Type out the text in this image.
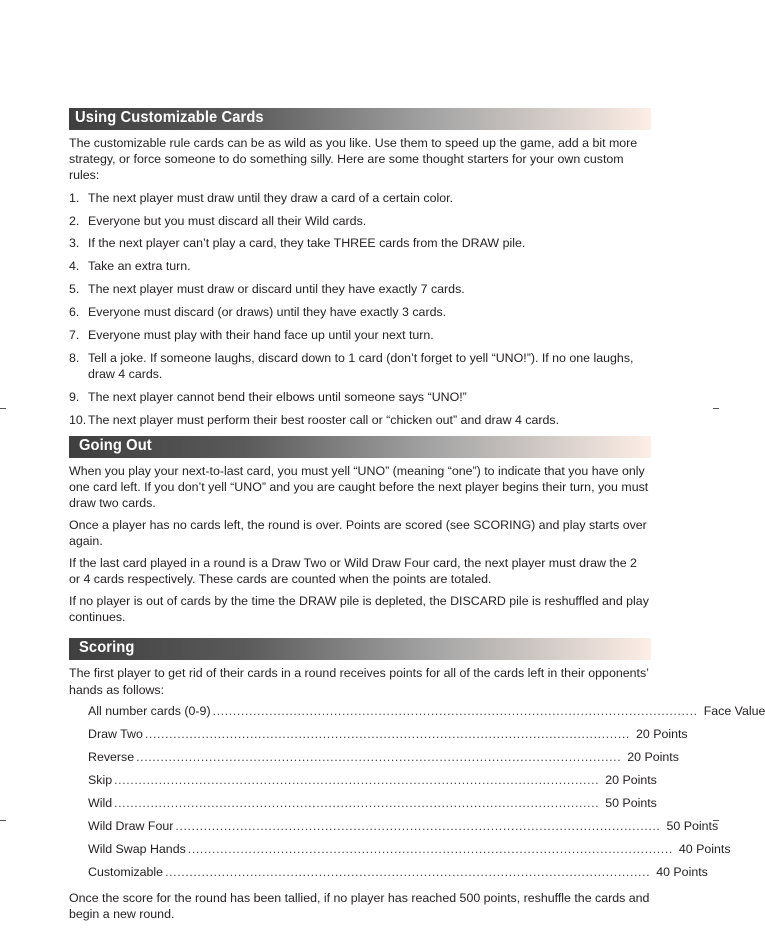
Using Customizable Cards

The customizable rule cards can be as wild as you like. Use them to speed up the game, add a bit more strategy, or force someone to do something silly. Here are some thought starters for your own custom rules:

1. The next player must draw until they draw a card of a certain color.
2. Everyone but you must discard all their Wild cards.
3. If the next player can’t play a card, they take THREE cards from the DRAW pile.
4. Take an extra turn.
5. The next player must draw or discard until they have exactly 7 cards.
6. Everyone must discard (or draws) until they have exactly 3 cards.
7. Everyone must play with their hand face up until your next turn.
8. Tell a joke. If someone laughs, discard down to 1 card (don’t forget to yell “UNO!”). If no one laughs, draw 4 cards.
9. The next player cannot bend their elbows until someone says “UNO!”
10. The next player must perform their best rooster call or “chicken out” and draw 4 cards.
Going Out

When you play your next-to-last card, you must yell “UNO” (meaning “one”) to indicate that you have only one card left. If you don’t yell “UNO” and you are caught before the next player begins their turn, you must draw two cards.

Once a player has no cards left, the round is over. Points are scored (see SCORING) and play starts over again.

If the last card played in a round is a Draw Two or Wild Draw Four card, the next player must draw the 2 or 4 cards respectively. These cards are counted when the points are totaled.

If no player is out of cards by the time the DRAW pile is depleted, the DISCARD pile is reshuffled and play continues.

Scoring

The first player to get rid of their cards in a round receives points for all of the cards left in their opponents’ hands as follows:

All number cards (0-9) ........................................................................................................................ Face Value
Draw Two ........................................................................................................................ 20 Points
Reverse ........................................................................................................................ 20 Points
Skip ........................................................................................................................ 20 Points
Wild ........................................................................................................................ 50 Points
Wild Draw Four ........................................................................................................................ 50 Points
Wild Swap Hands ........................................................................................................................ 40 Points
Customizable ........................................................................................................................ 40 Points

Once the score for the round has been tallied, if no player has reached 500 points, reshuffle the cards and begin a new round.
